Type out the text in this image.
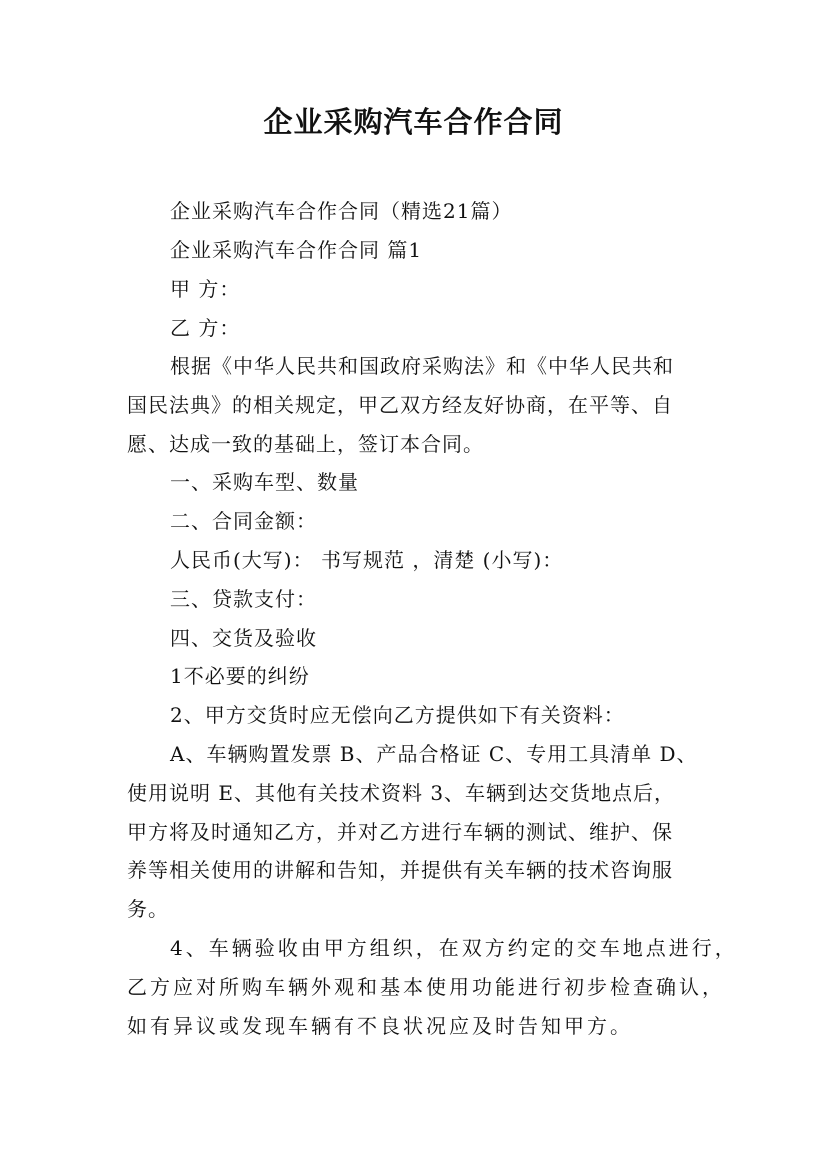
企业采购汽车合作合同
企业采购汽车合作合同（精选21篇）
企业采购汽车合作合同 篇1
甲 方：
乙 方：
根据《中华人民共和国政府采购法》和《中华人民共和
国民法典》的相关规定，甲乙双方经友好协商，在平等、自
愿、达成一致的基础上，签订本合同。
一、采购车型、数量
二、合同金额：
人民币(大写)： 书写规范 ，清楚 (小写)：
三、贷款支付：
四、交货及验收
1不必要的纠纷
2、甲方交货时应无偿向乙方提供如下有关资料：
A、车辆购置发票 B、产品合格证 C、专用工具清单 D、
使用说明 E、其他有关技术资料 3、车辆到达交货地点后，
甲方将及时通知乙方，并对乙方进行车辆的测试、维护、保
养等相关使用的讲解和告知，并提供有关车辆的技术咨询服
务。
4、车辆验收由甲方组织，在双方约定的交车地点进行，
乙方应对所购车辆外观和基本使用功能进行初步检查确认，
如有异议或发现车辆有不良状况应及时告知甲方。
